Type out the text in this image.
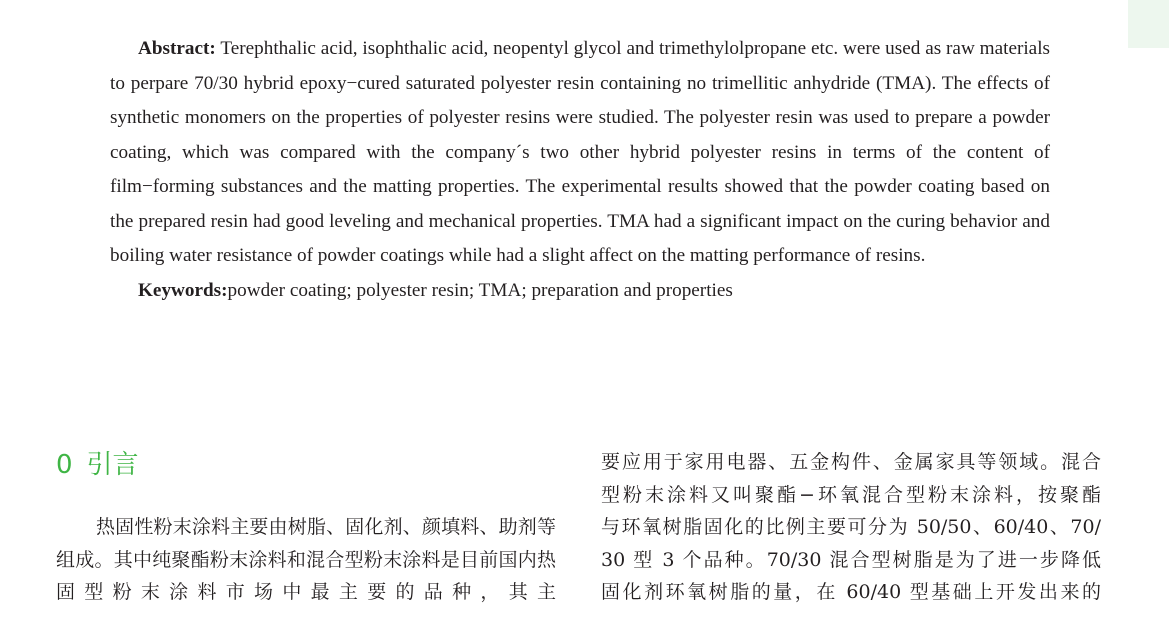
Abstract: Terephthalic acid, isophthalic acid, neopentyl glycol and trimethylolpropane etc. were used as raw materials to perpare 70/30 hybrid epoxy−cured saturated polyester resin containing no trimellitic anhydride (TMA). The effects of synthetic monomers on the properties of polyester resins were studied. The polyester resin was used to prepare a powder coating, which was compared with the company´s two other hybrid polyester resins in terms of the content of film−forming substances and the matting properties. The experimental results showed that the powder coating based on the prepared resin had good leveling and mechanical properties. TMA had a significant impact on the curing behavior and boiling water resistance of powder coatings while had a slight affect on the matting performance of resins.

Keywords:powder coating; polyester resin; TMA; preparation and properties

0 引言

热固性粉末涂料主要由树脂、固化剂、颜填料、助剂等组成。其中纯聚酯粉末涂料和混合型粉末涂料是目前国内热固型粉末涂料市场中最主要的品种，其主

要应用于家用电器、五金构件、金属家具等领域。混合

型粉末涂料又叫聚酯−环氧混合型粉末涂料，按聚酯

与环氧树脂固化的比例主要可分为 50/50、60/40、70/

30 型 3 个品种。70/30 混合型树脂是为了进一步降低

固化剂环氧树脂的量，在 60/40 型基础上开发出来的
